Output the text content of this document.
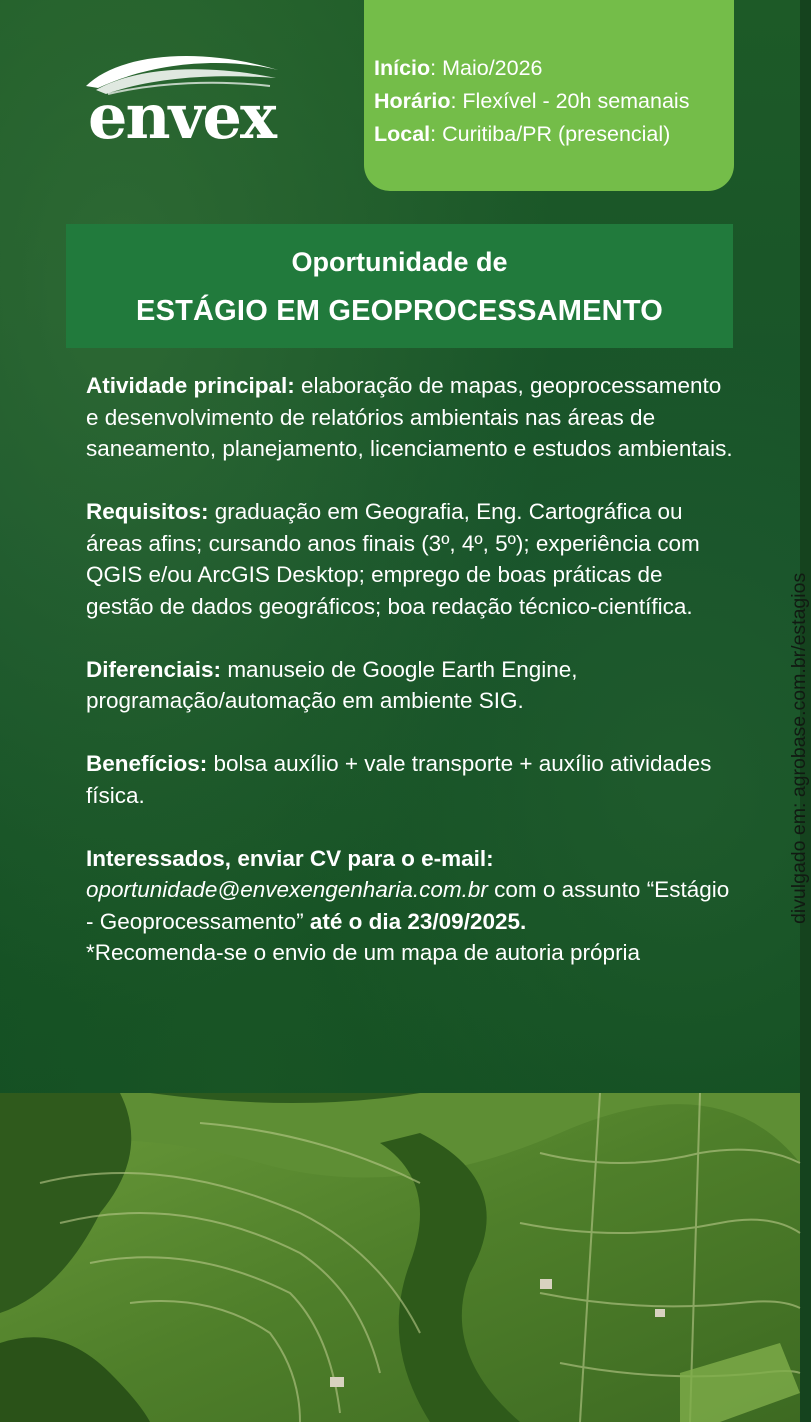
envex
Início: Maio/2026
Horário: Flexível - 20h semanais
Local: Curitiba/PR (presencial)
Oportunidade de
ESTÁGIO EM GEOPROCESSAMENTO

Atividade principal: elaboração de mapas, geoprocessamento e desenvolvimento de relatórios ambientais nas áreas de saneamento, planejamento, licenciamento e estudos ambientais.

Requisitos: graduação em Geografia, Eng. Cartográfica ou áreas afins; cursando anos finais (3º, 4º, 5º); experiência com QGIS e/ou ArcGIS Desktop; emprego de boas práticas de gestão de dados geográficos; boa redação técnico-científica.

Diferenciais: manuseio de Google Earth Engine, programação/automação em ambiente SIG.

Benefícios: bolsa auxílio + vale transporte + auxílio atividades física.

Interessados, enviar CV para o e-mail:
oportunidade@envexengenharia.com.br com o assunto “Estágio - Geoprocessamento” até o dia 23/09/2025.

*Recomenda-se o envio de um mapa de autoria própria

divulgado em: agrobase.com.br/estagios
